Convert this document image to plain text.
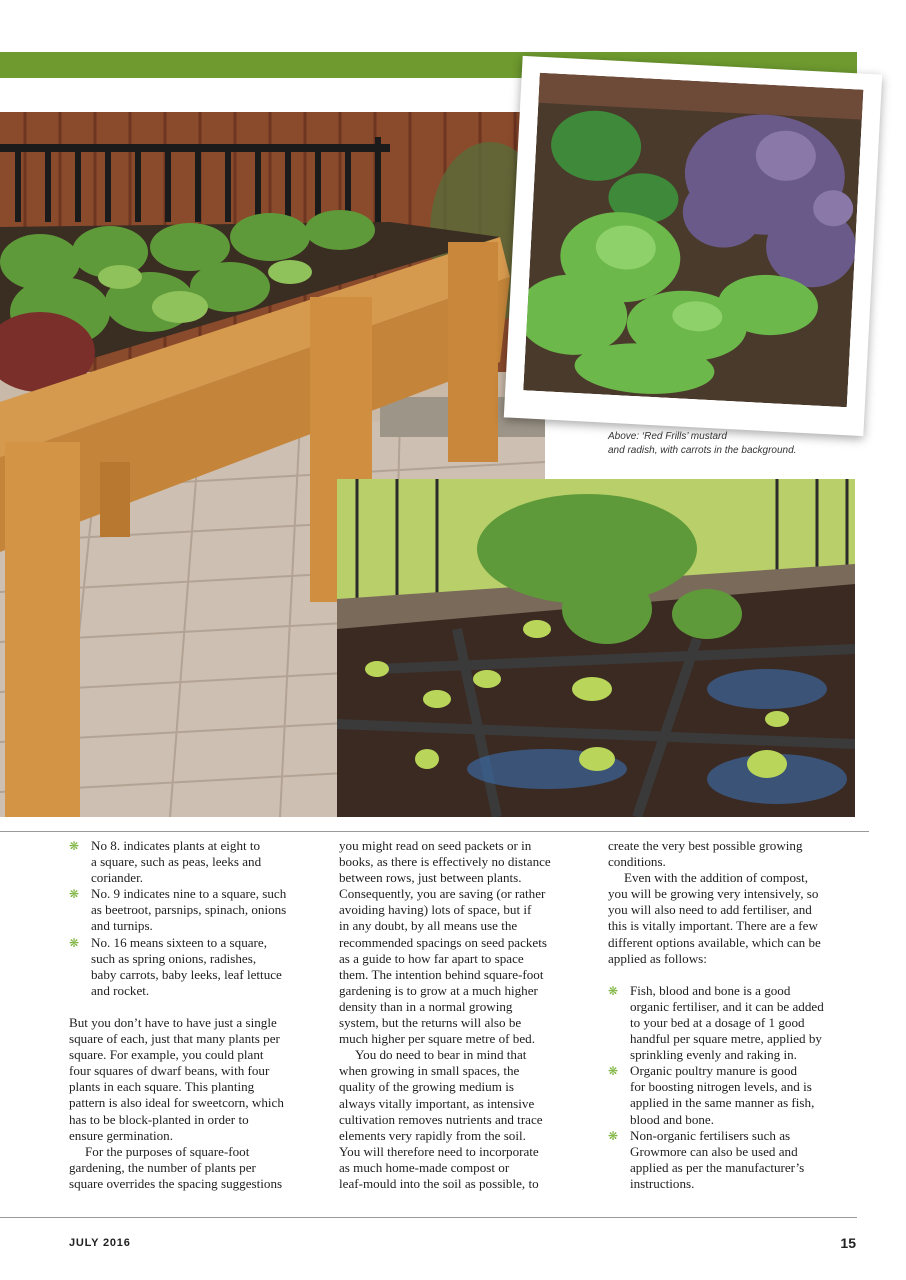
Above: ‘Red Frills’ mustard
and radish, with carrots in the background.
❋ No 8. indicates plants at eight to
a square, such as peas, leeks and
coriander.
❋ No. 9 indicates nine to a square, such
as beetroot, parsnips, spinach, onions
and turnips.
❋ No. 16 means sixteen to a square,
such as spring onions, radishes,
baby carrots, baby leeks, leaf lettuce
and rocket.
But you don’t have to have just a single
square of each, just that many plants per
square. For example, you could plant
four squares of dwarf beans, with four
plants in each square. This planting
pattern is also ideal for sweetcorn, which
has to be block-planted in order to
ensure germination.
For the purposes of square-foot
gardening, the number of plants per
square overrides the spacing suggestions
you might read on seed packets or in
books, as there is effectively no distance
between rows, just between plants.
Consequently, you are saving (or rather
avoiding having) lots of space, but if
in any doubt, by all means use the
recommended spacings on seed packets
as a guide to how far apart to space
them. The intention behind square-foot
gardening is to grow at a much higher
density than in a normal growing
system, but the returns will also be
much higher per square metre of bed.
You do need to bear in mind that
when growing in small spaces, the
quality of the growing medium is
always vitally important, as intensive
cultivation removes nutrients and trace
elements very rapidly from the soil.
You will therefore need to incorporate
as much home-made compost or
leaf-mould into the soil as possible, to
create the very best possible growing
conditions.
Even with the addition of compost,
you will be growing very intensively, so
you will also need to add fertiliser, and
this is vitally important. There are a few
different options available, which can be
applied as follows:
❋ Fish, blood and bone is a good
organic fertiliser, and it can be added
to your bed at a dosage of 1 good
handful per square metre, applied by
sprinkling evenly and raking in.
❋ Organic poultry manure is good
for boosting nitrogen levels, and is
applied in the same manner as fish,
blood and bone.
❋ Non-organic fertilisers such as
Growmore can also be used and
applied as per the manufacturer’s
instructions.
JULY 2016	15
